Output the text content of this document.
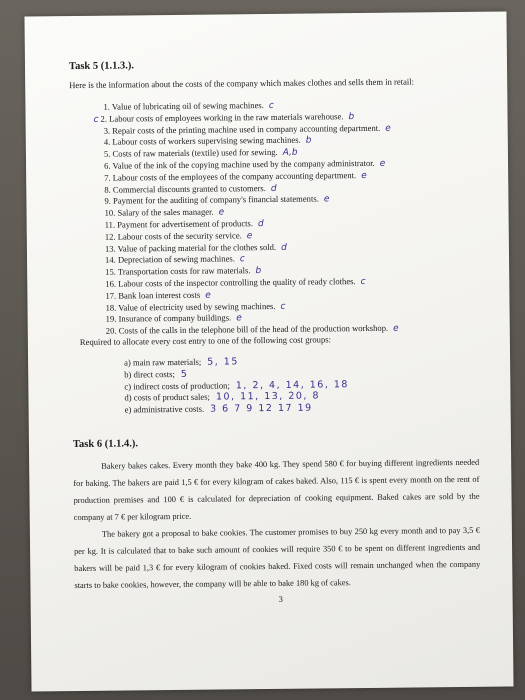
Task 5 (1.1.3.).
Here is the information about the costs of the company which makes clothes and sells them in retail:
1. Value of lubricating oil of sewing machines. c
c 2. Labour costs of employees working in the raw materials warehouse. b
3. Repair costs of the printing machine used in company accounting department. e
4. Labour costs of workers supervising sewing machines. b
5. Costs of raw materials (textile) used for sewing. A,b
6. Value of the ink of the copying machine used by the company administrator. e
7. Labour costs of the employees of the company accounting department. e
8. Commercial discounts granted to customers. d
9. Payment for the auditing of company's financial statements. e
10. Salary of the sales manager. e
11. Payment for advertisement of products. d
12. Labour costs of the security service. e
13. Value of packing material for the clothes sold. d
14. Depreciation of sewing machines. c
15. Transportation costs for raw materials. b
16. Labour costs of the inspector controlling the quality of ready clothes. c
17. Bank loan interest costs e
18. Value of electricity used by sewing machines. c
19. Insurance of company buildings. e
20. Costs of the calls in the telephone bill of the head of the production workshop. e
Required to allocate every cost entry to one of the following cost groups:
a) main raw materials; 5, 15
b) direct costs; 5
c) indirect costs of production; 1, 2, 4, 14, 16, 18
d) costs of product sales; 10, 11, 13, 20, 8
e) administrative costs. 3 6 7 9 12 17 19
Task 6 (1.1.4.).

Bakery bakes cakes. Every month they bake 400 kg. They spend 580 € for buying different ingredients needed for baking. The bakers are paid 1,5 € for every kilogram of cakes baked. Also, 115 € is spent every month on the rent of production premises and 100 € is calculated for depreciation of cooking equipment. Baked cakes are sold by the company at 7 € per kilogram price.

The bakery got a proposal to bake cookies. The customer promises to buy 250 kg every month and to pay 3,5 € per kg. It is calculated that to bake such amount of cookies will require 350 € to be spent on different ingredients and bakers will be paid 1,3 € for every kilogram of cookies baked. Fixed costs will remain unchanged when the company starts to bake cookies, however, the company will be able to bake 180 kg of cakes.

3
